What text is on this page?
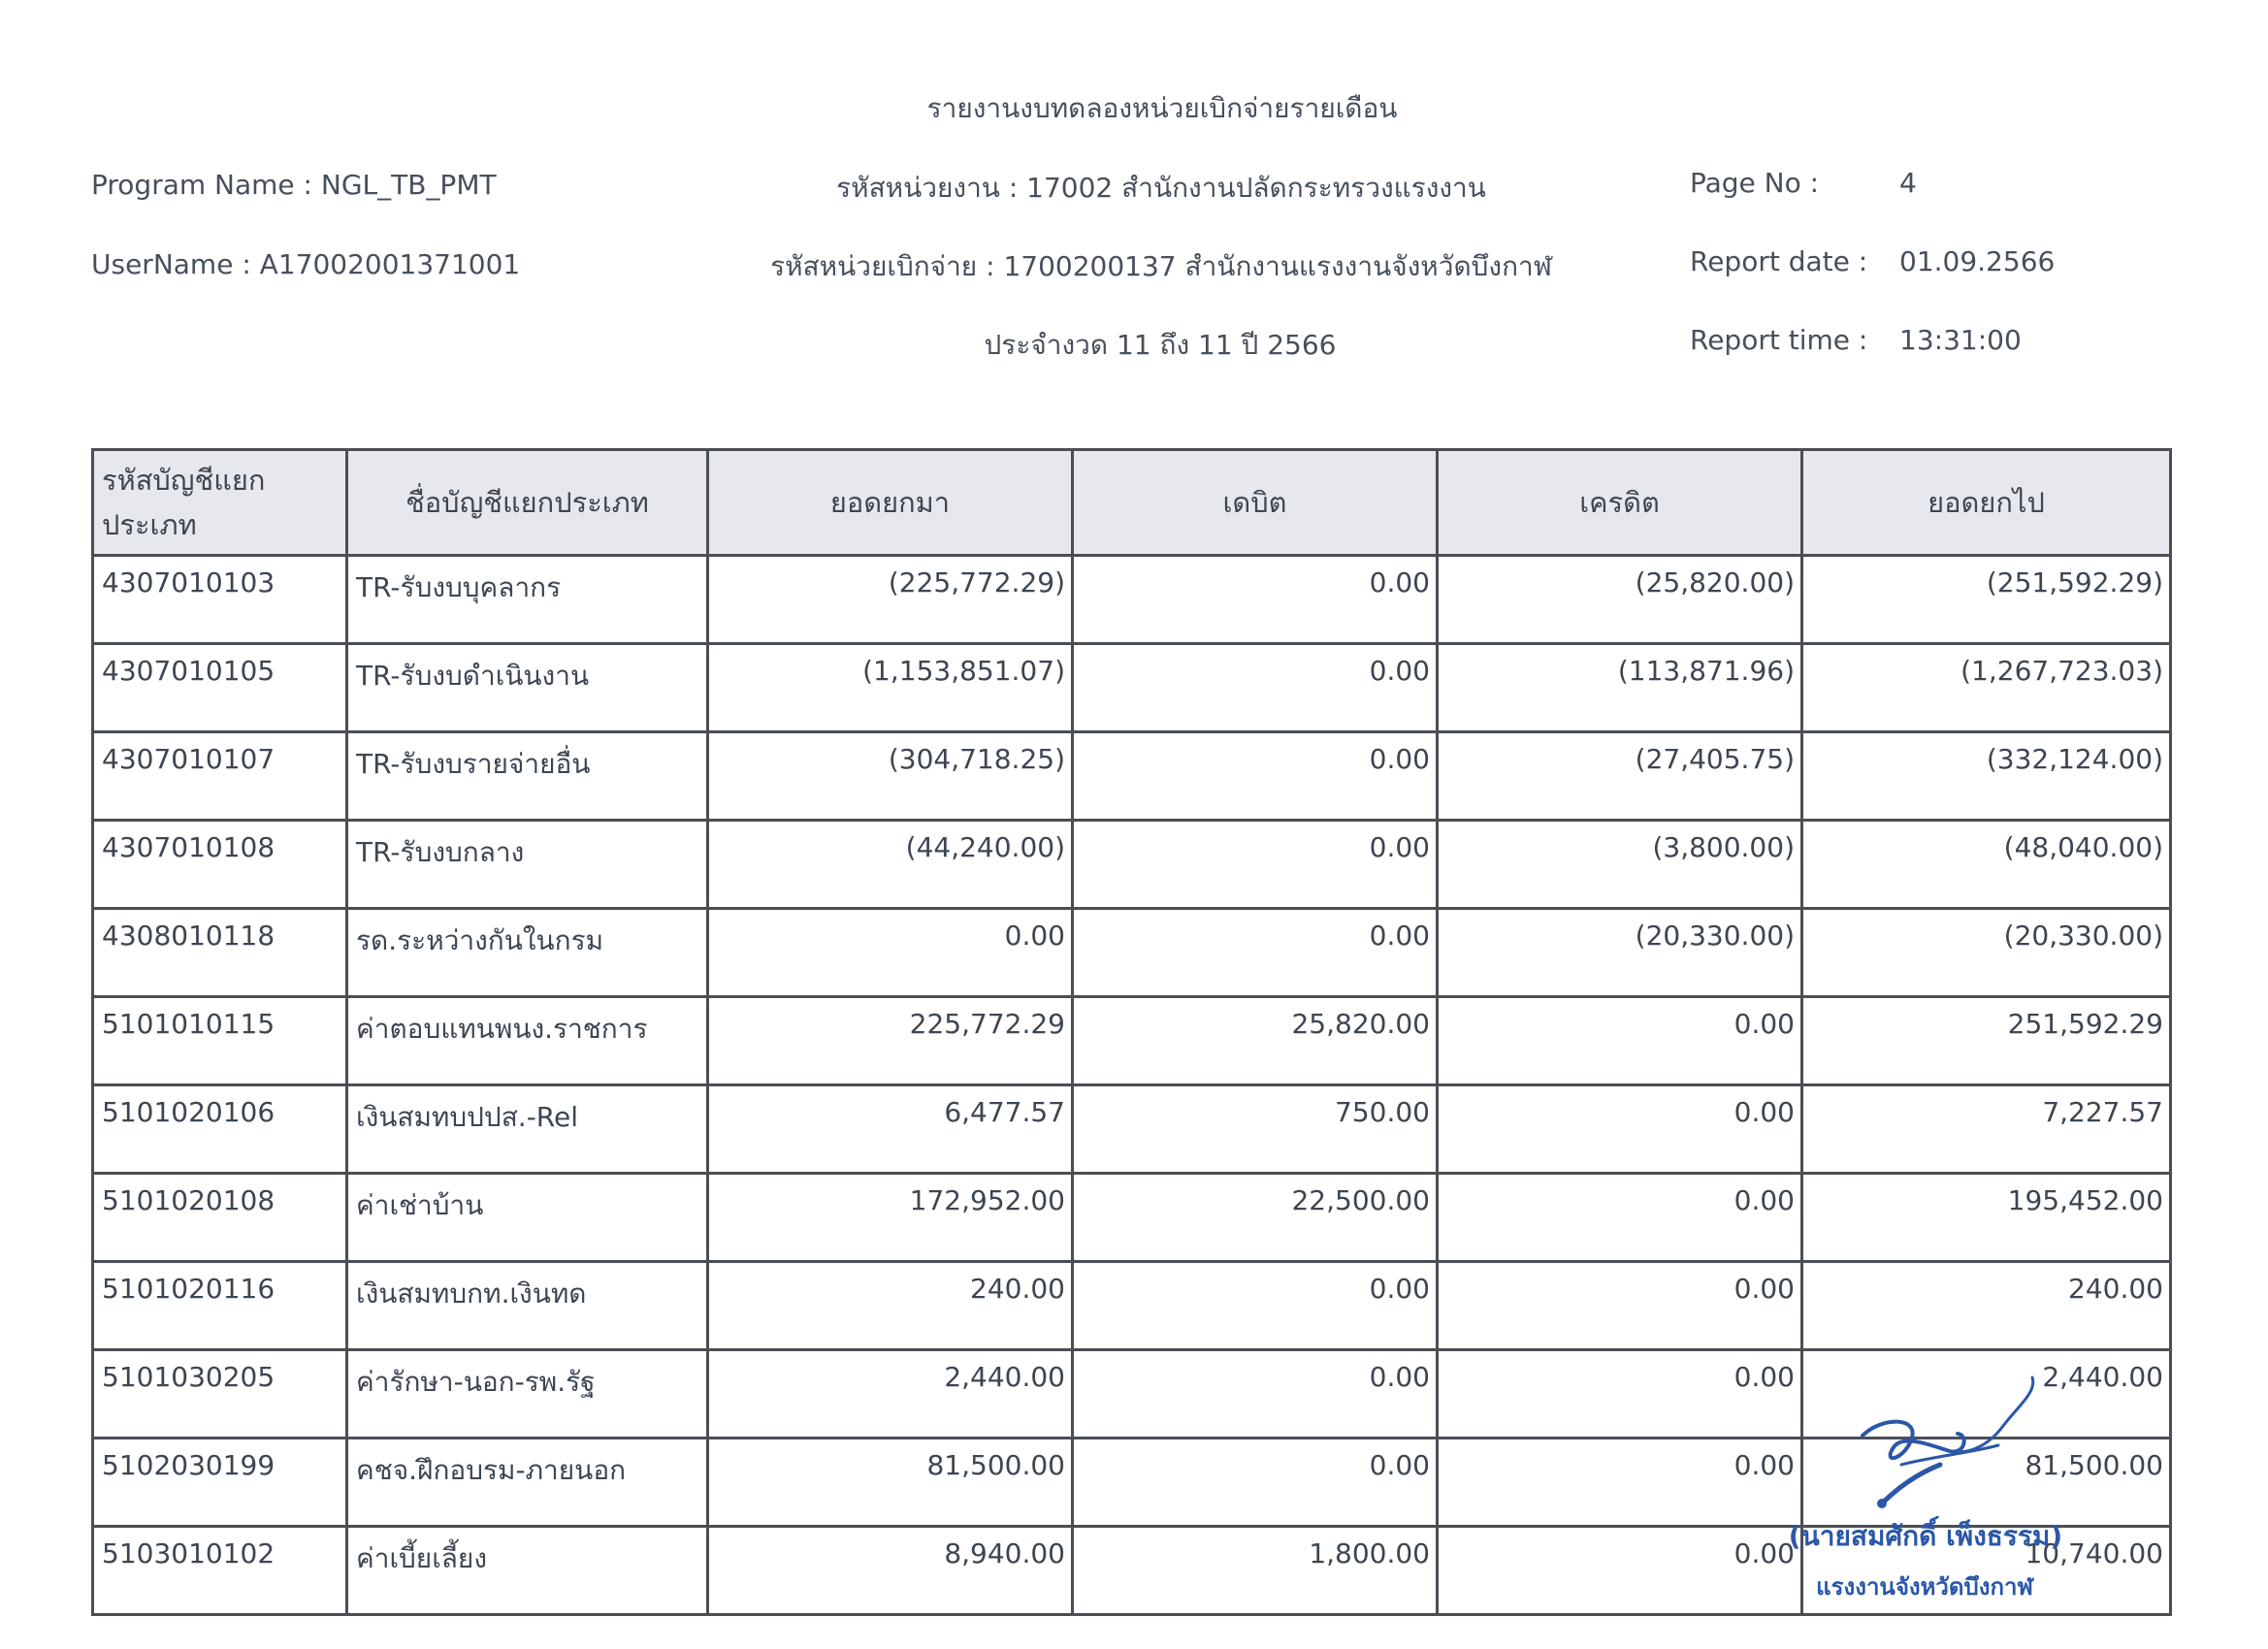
รายงานงบทดลองหน่วยเบิกจ่ายรายเดือน
Program Name : NGL_TB_PMT
UserName : A17002001371001
รหัสหน่วยงาน : 17002 สำนักงานปลัดกระทรวงแรงงาน
รหัสหน่วยเบิกจ่าย : 1700200137 สำนักงานแรงงานจังหวัดบึงกาฬ
ประจำงวด 11 ถึง 11 ปี 2566
Page No :	4
Report date : 01.09.2566
Report time : 13:31:00
รหัสบัญชีแยกประเภท	ชื่อบัญชีแยกประเภท	ยอดยกมา	เดบิต	เครดิต	ยอดยกไป
4307010103	TR-รับงบบุคลากร	(225,772.29)	0.00	(25,820.00)	(251,592.29)
4307010105	TR-รับงบดำเนินงาน	(1,153,851.07)	0.00	(113,871.96)	(1,267,723.03)
4307010107	TR-รับงบรายจ่ายอื่น	(304,718.25)	0.00	(27,405.75)	(332,124.00)
4307010108	TR-รับงบกลาง	(44,240.00)	0.00	(3,800.00)	(48,040.00)
4308010118	รด.ระหว่างกันในกรม	0.00	0.00	(20,330.00)	(20,330.00)
5101010115	ค่าตอบแทนพนง.ราชการ	225,772.29	25,820.00	0.00	251,592.29
5101020106	เงินสมทบปปส.-Rel	6,477.57	750.00	0.00	7,227.57
5101020108	ค่าเช่าบ้าน	172,952.00	22,500.00	0.00	195,452.00
5101020116	เงินสมทบกท.เงินทด	240.00	0.00	0.00	240.00
5101030205	ค่ารักษา-นอก-รพ.รัฐ	2,440.00	0.00	0.00	2,440.00
5102030199	คชจ.ฝึกอบรม-ภายนอก	81,500.00	0.00	0.00	81,500.00
5103010102	ค่าเบี้ยเลี้ยง	8,940.00	1,800.00	0.00	10,740.00
(นายสมศักดิ์ เพ็งธรรม)
แรงงานจังหวัดบึงกาฬ
